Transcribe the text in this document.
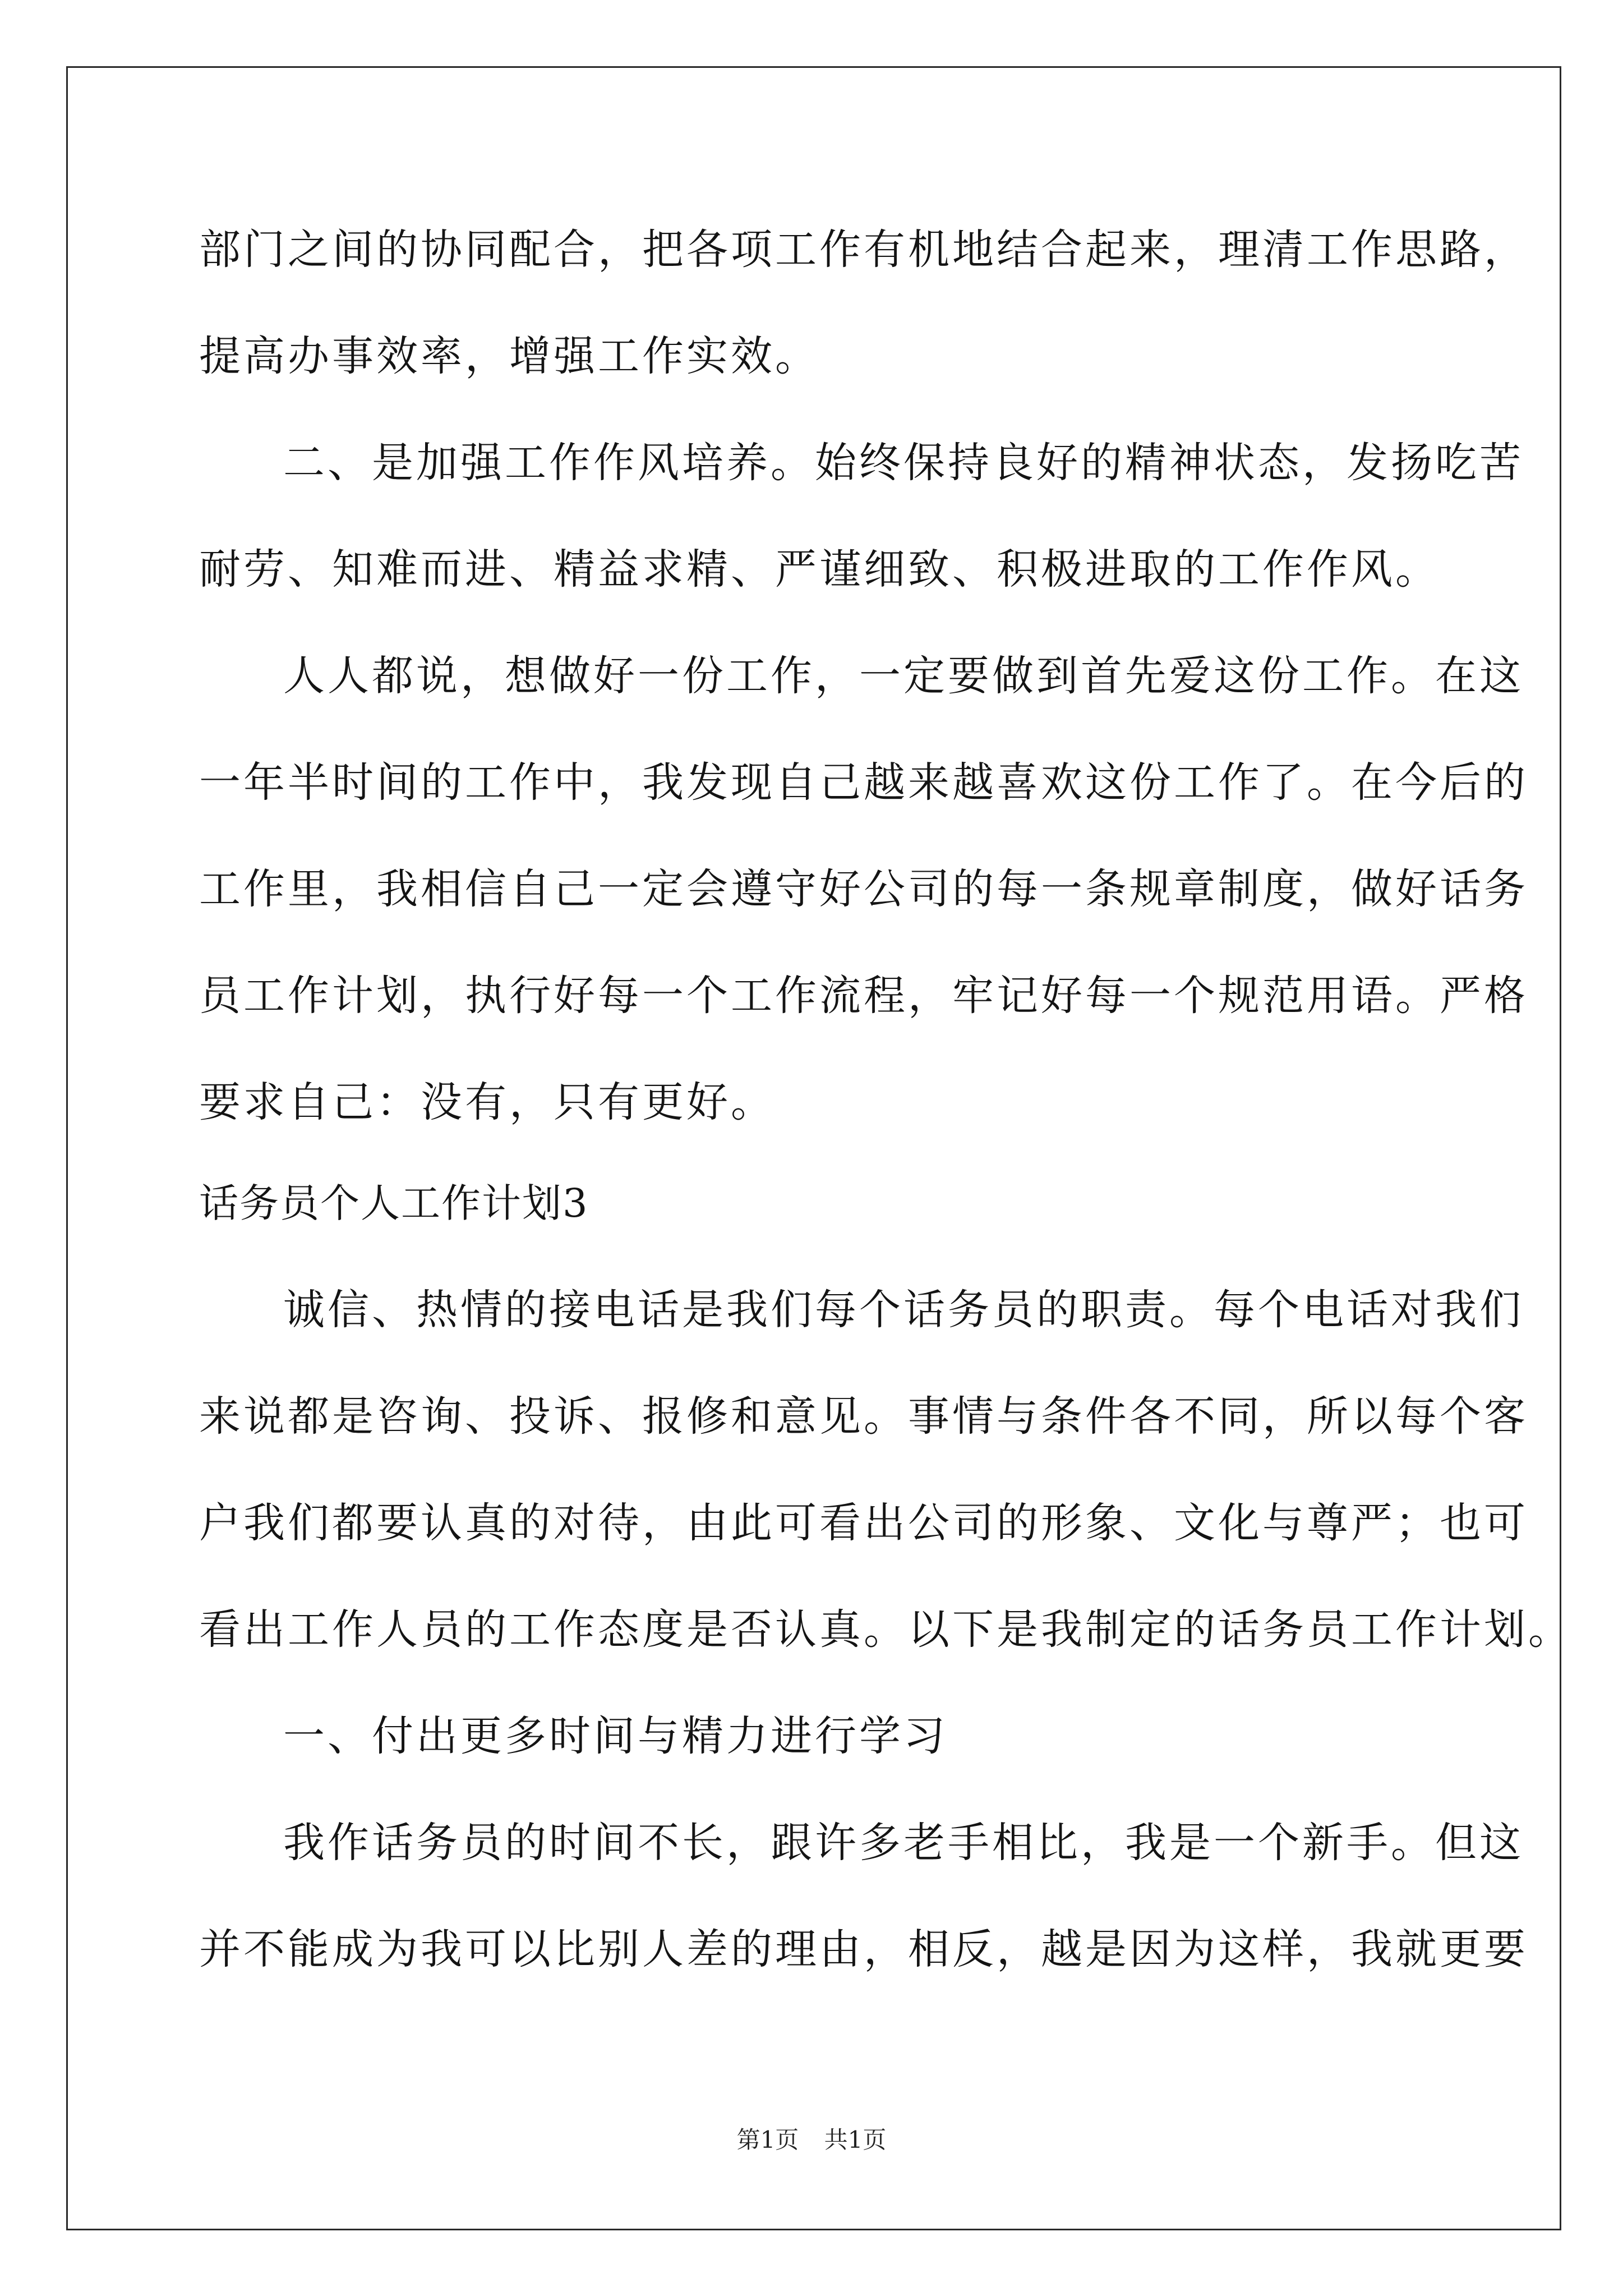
部门之间的协同配合，把各项工作有机地结合起来，理清工作思路，
提高办事效率，增强工作实效。
二、是加强工作作风培养。始终保持良好的精神状态，发扬吃苦
耐劳、知难而进、精益求精、严谨细致、积极进取的工作作风。
人人都说，想做好一份工作，一定要做到首先爱这份工作。在这
一年半时间的工作中，我发现自己越来越喜欢这份工作了。在今后的
工作里，我相信自己一定会遵守好公司的每一条规章制度，做好话务
员工作计划，执行好每一个工作流程，牢记好每一个规范用语。严格
要求自己：没有，只有更好。
话务员个人工作计划3
诚信、热情的接电话是我们每个话务员的职责。每个电话对我们
来说都是咨询、投诉、报修和意见。事情与条件各不同，所以每个客
户我们都要认真的对待，由此可看出公司的形象、文化与尊严；也可
看出工作人员的工作态度是否认真。以下是我制定的话务员工作计划。
一、付出更多时间与精力进行学习
我作话务员的时间不长，跟许多老手相比，我是一个新手。但这
并不能成为我可以比别人差的理由，相反，越是因为这样，我就更要
第1页 共1页
